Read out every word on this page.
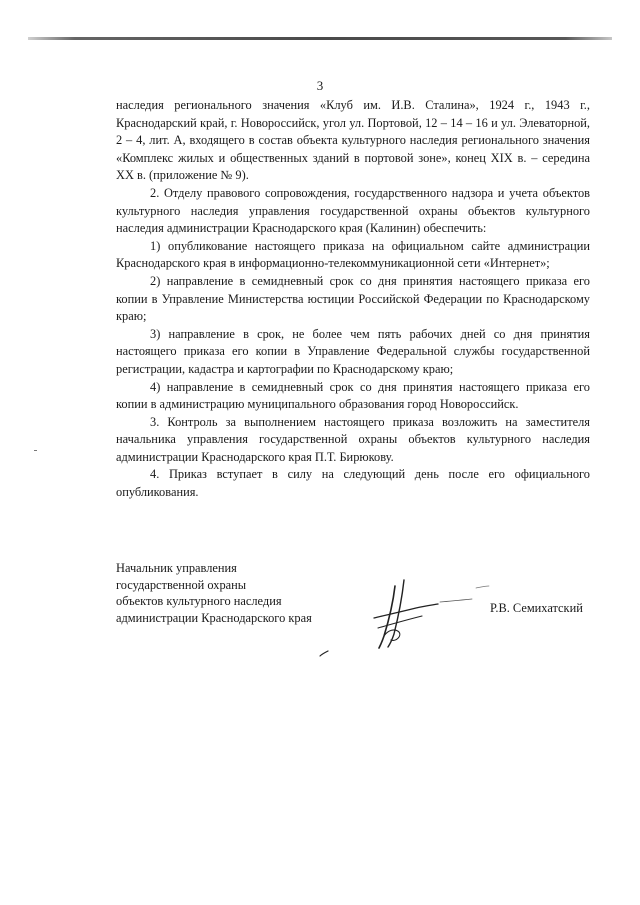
3

наследия регионального значения «Клуб им. И.В. Сталина», 1924 г., 1943 г., Краснодарский край, г. Новороссийск, угол ул. Портовой, 12 – 14 – 16 и ул. Элеваторной, 2 – 4, лит. А, входящего в состав объекта культурного наследия регионального значения «Комплекс жилых и общественных зданий в портовой зоне», конец XIX в. – середина XX в. (приложение № 9).

2. Отделу правового сопровождения, государственного надзора и учета объектов культурного наследия управления государственной охраны объектов культурного наследия администрации Краснодарского края (Калинин) обеспечить:

1) опубликование настоящего приказа на официальном сайте администрации Краснодарского края в информационно-телекоммуникационной сети «Интернет»;

2) направление в семидневный срок со дня принятия настоящего приказа его копии в Управление Министерства юстиции Российской Федерации по Краснодарскому краю;

3) направление в срок, не более чем пять рабочих дней со дня принятия настоящего приказа его копии в Управление Федеральной службы государственной регистрации, кадастра и картографии по Краснодарскому краю;

4) направление в семидневный срок со дня принятия настоящего приказа его копии в администрацию муниципального образования город Новороссийск.

3. Контроль за выполнением настоящего приказа возложить на заместителя начальника управления государственной охраны объектов культурного наследия администрации Краснодарского края П.Т. Бирюкову.

4. Приказ вступает в силу на следующий день после его официального опубликования.

Начальник управления
государственной охраны
объектов культурного наследия
администрации Краснодарского края
Р.В. Семихатский
